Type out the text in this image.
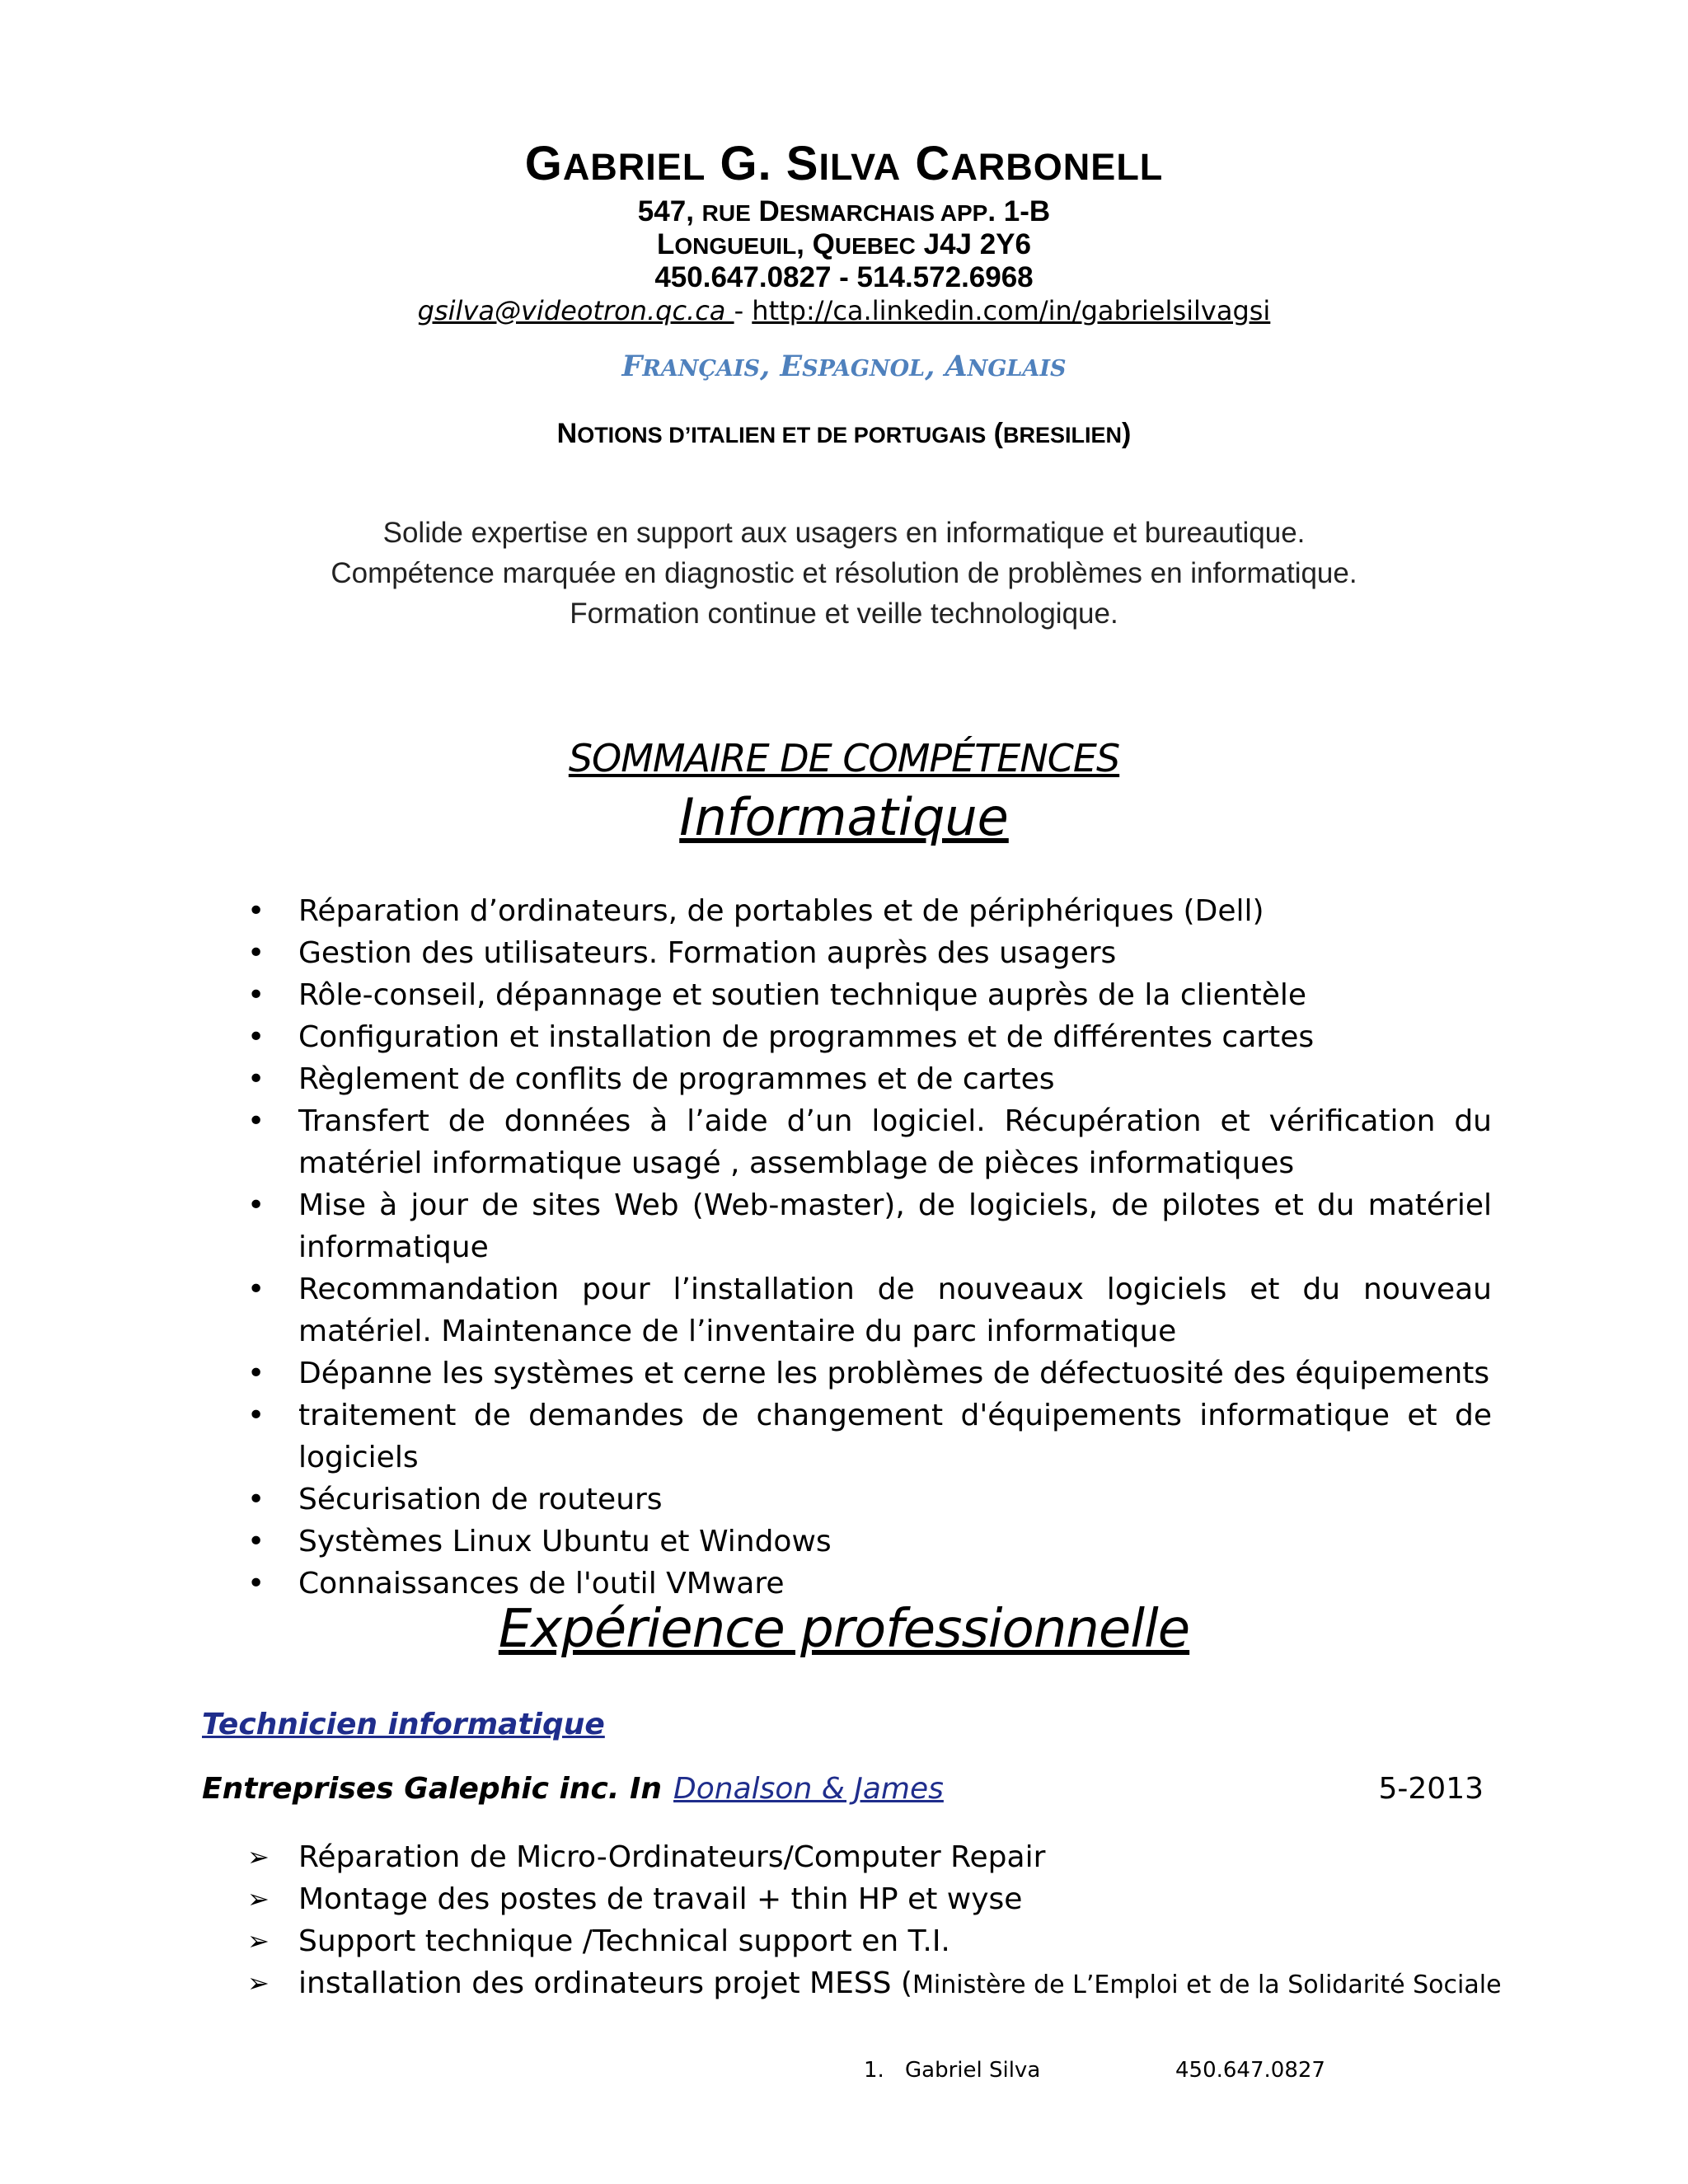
GABRIEL G. SILVA CARBONELL
547, RUE DESMARCHAIS APP. 1-B
LONGUEUIL, QUEBEC J4J 2Y6
450.647.0827 - 514.572.6968
gsilva@videotron.qc.ca - http://ca.linkedin.com/in/gabrielsilvagsi
FRANÇAIS, ESPAGNOL, ANGLAIS
NOTIONS D’ITALIEN ET DE PORTUGAIS (BRESILIEN)
Solide expertise en support aux usagers en informatique et bureautique.
Compétence marquée en diagnostic et résolution de problèmes en informatique.
Formation continue et veille technologique.
SOMMAIRE DE COMPÉTENCES
Informatique
• Réparation d’ordinateurs, de portables et de périphériques (Dell)
• Gestion des utilisateurs. Formation auprès des usagers
• Rôle-conseil, dépannage et soutien technique auprès de la clientèle
• Configuration et installation de programmes et de différentes cartes
• Règlement de conflits de programmes et de cartes
• Transfert de données à l’aide d’un logiciel. Récupération et vérification du matériel informatique usagé , assemblage de pièces informatiques
• Mise à jour de sites Web (Web-master), de logiciels, de pilotes et du matériel informatique
• Recommandation pour l’installation de nouveaux logiciels et du nouveau matériel. Maintenance de l’inventaire du parc informatique
• Dépanne les systèmes et cerne les problèmes de défectuosité des équipements
• traitement de demandes de changement d'équipements informatique et de logiciels
• Sécurisation de routeurs
• Systèmes Linux Ubuntu et Windows
• Connaissances de l'outil VMware
Expérience professionnelle
Technicien informatique
Entreprises Galephic inc. In Donalson & James	5-2013
➢ Réparation de Micro-Ordinateurs/Computer Repair
➢ Montage des postes de travail + thin HP et wyse
➢ Support technique /Technical support en T.I.
➢ installation des ordinateurs projet MESS (Ministère de L’Emploi et de la Solidarité Sociale
1. Gabriel Silva	450.647.0827
